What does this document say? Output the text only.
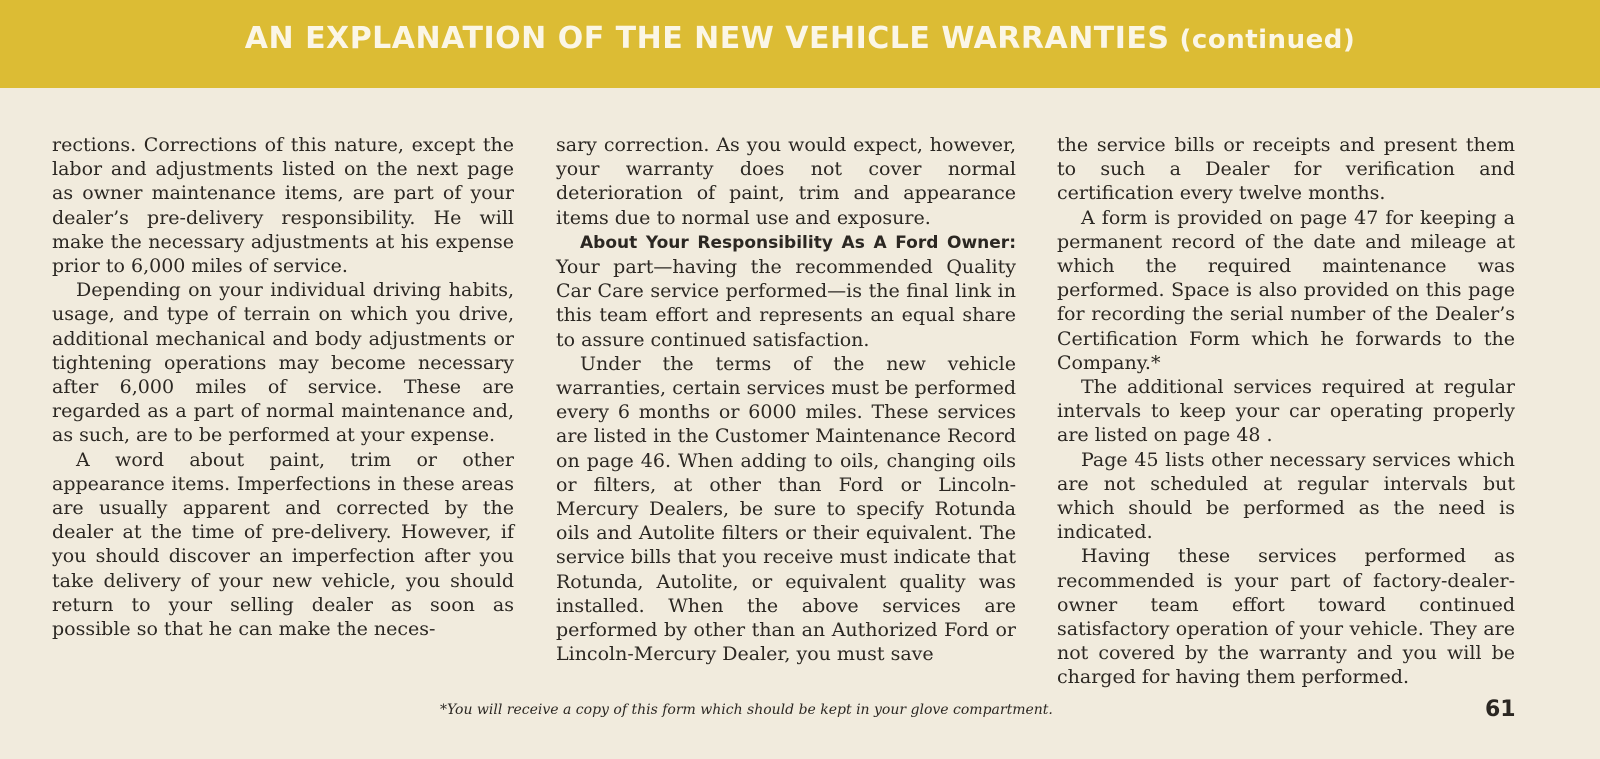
AN EXPLANATION OF THE NEW VEHICLE WARRANTIES (continued)

rections. Corrections of this nature, except the labor and adjustments listed on the next page as owner maintenance items, are part of your dealer’s pre-delivery responsibility. He will make the necessary adjustments at his expense prior to 6,000 miles of service.

Depending on your individual driving habits, usage, and type of terrain on which you drive, additional mechanical and body adjustments or tightening operations may become necessary after 6,000 miles of service. These are regarded as a part of normal maintenance and, as such, are to be performed at your expense.

A word about paint, trim or other appearance items. Imperfections in these areas are usually apparent and corrected by the dealer at the time of pre-delivery. However, if you should discover an imperfection after you take delivery of your new vehicle, you should return to your selling dealer as soon as possible so that he can make the neces-

sary correction. As you would expect, however, your warranty does not cover normal deterioration of paint, trim and appearance items due to normal use and exposure.

About Your Responsibility As A Ford Owner: Your part—having the recommended Quality Car Care service performed—is the final link in this team effort and represents an equal share to assure continued satisfaction.

Under the terms of the new vehicle warranties, certain services must be performed every 6 months or 6000 miles. These services are listed in the Customer Maintenance Record on page 46. When adding to oils, changing oils or filters, at other than Ford or Lincoln-Mercury Dealers, be sure to specify Rotunda oils and Autolite filters or their equivalent. The service bills that you receive must indicate that Rotunda, Autolite, or equivalent quality was installed. When the above services are performed by other than an Authorized Ford or Lincoln-Mercury Dealer, you must save

the service bills or receipts and present them to such a Dealer for verification and certification every twelve months.

A form is provided on page 47 for keeping a permanent record of the date and mileage at which the required maintenance was performed. Space is also provided on this page for recording the serial number of the Dealer’s Certification Form which he forwards to the Company.*

The additional services required at regular intervals to keep your car operating properly are listed on page 48 .

Page 45 lists other necessary services which are not scheduled at regular intervals but which should be performed as the need is indicated.

Having these services performed as recommended is your part of factory-dealer-owner team effort toward continued satisfactory operation of your vehicle. They are not covered by the warranty and you will be charged for having them performed.

*You will receive a copy of this form which should be kept in your glove compartment.	61
